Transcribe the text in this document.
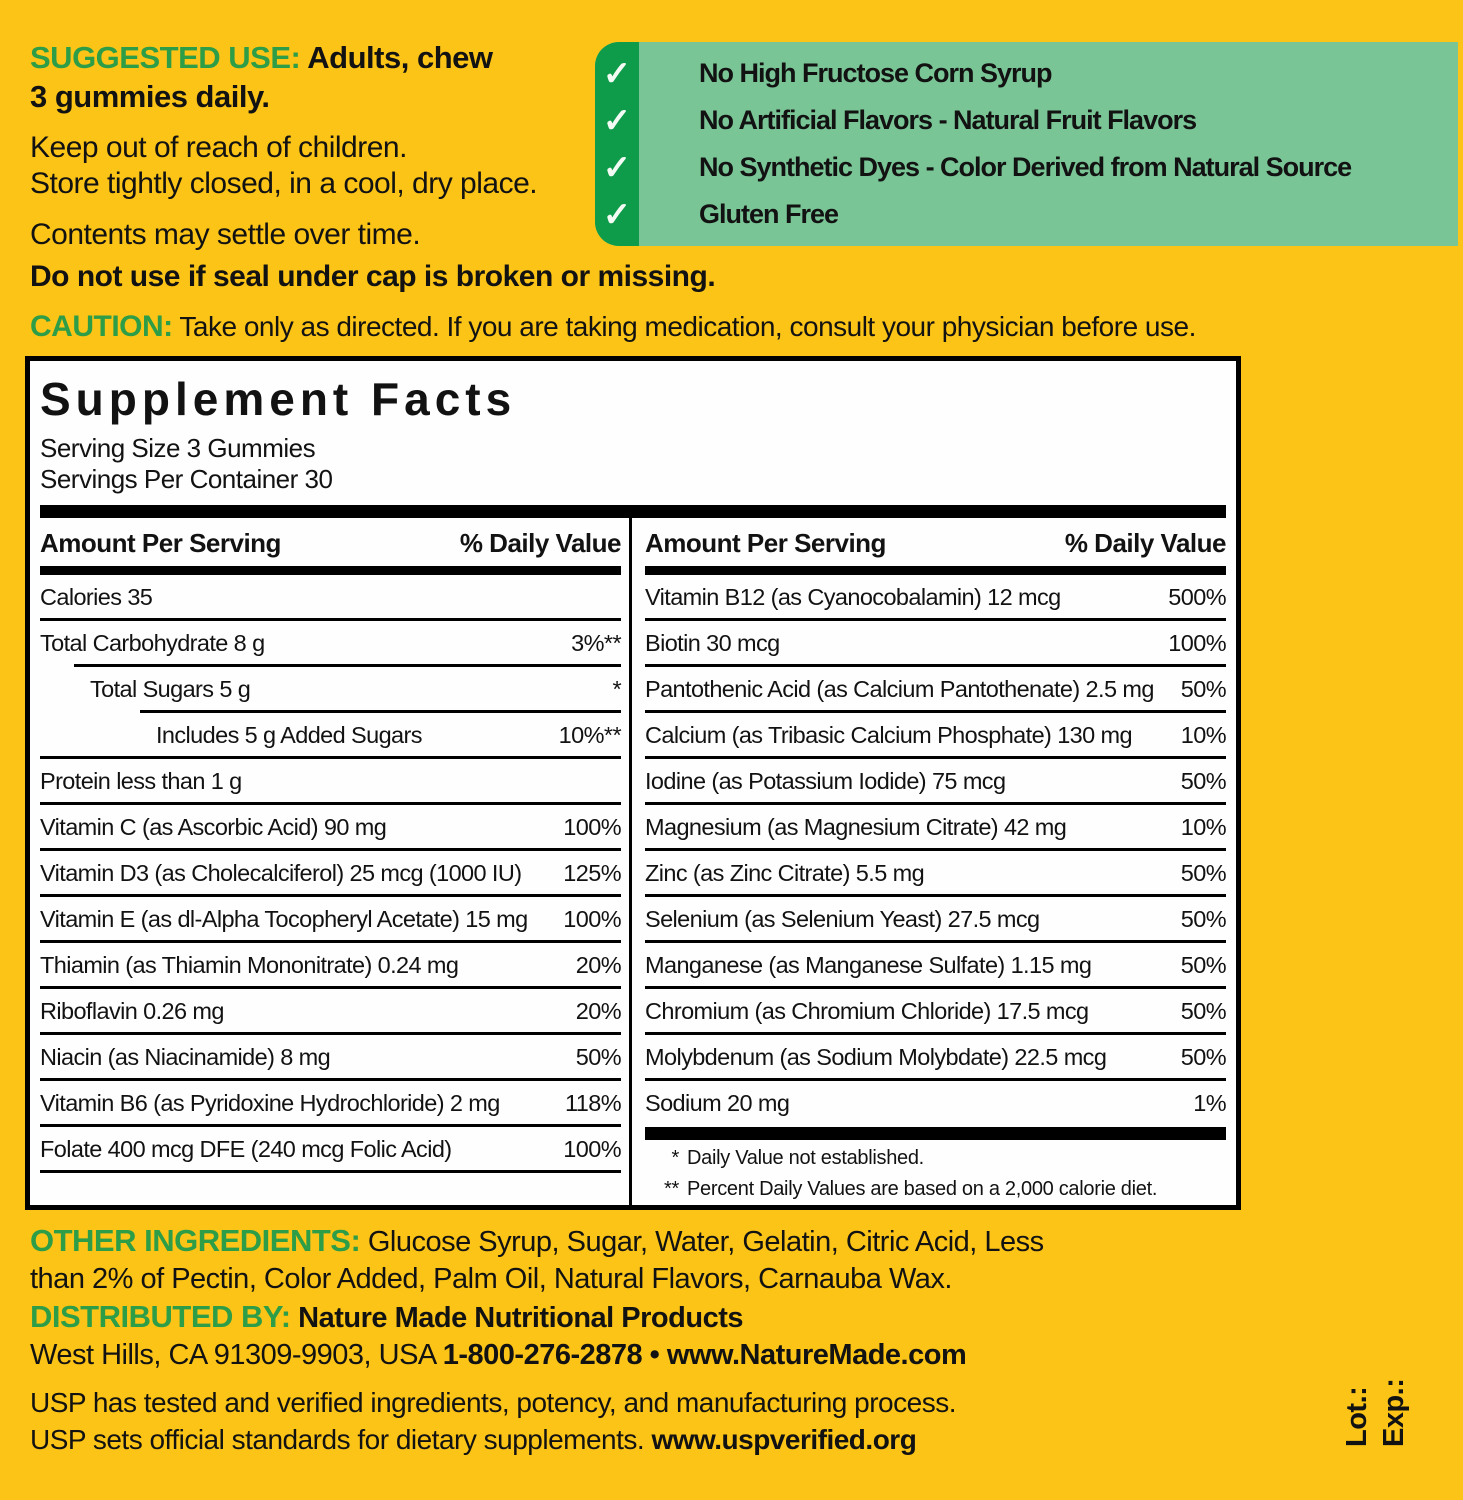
SUGGESTED USE: Adults, chew
3 gummies daily.
Keep out of reach of children.
Store tightly closed, in a cool, dry place.
Contents may settle over time.
✓	No High Fructose Corn Syrup
✓	No Artificial Flavors - Natural Fruit Flavors
✓	No Synthetic Dyes - Color Derived from Natural Source
✓	Gluten Free
Do not use if seal under cap is broken or missing.
CAUTION: Take only as directed. If you are taking medication, consult your physician before use.
Supplement Facts
Serving Size 3 Gummies
Servings Per Container 30
Amount Per Serving	% Daily Value
Calories 35
Total Carbohydrate 8 g	3%**
Total Sugars 5 g	*
Includes 5 g Added Sugars	10%**
Protein less than 1 g
Vitamin C (as Ascorbic Acid) 90 mg	100%
Vitamin D3 (as Cholecalciferol) 25 mcg (1000 IU)	125%
Vitamin E (as dl-Alpha Tocopheryl Acetate) 15 mg	100%
Thiamin (as Thiamin Mononitrate) 0.24 mg	20%
Riboflavin 0.26 mg	20%
Niacin (as Niacinamide) 8 mg	50%
Vitamin B6 (as Pyridoxine Hydrochloride) 2 mg	118%
Folate 400 mcg DFE (240 mcg Folic Acid)	100%
Amount Per Serving	% Daily Value
Vitamin B12 (as Cyanocobalamin) 12 mcg	500%
Biotin 30 mcg	100%
Pantothenic Acid (as Calcium Pantothenate) 2.5 mg	50%
Calcium (as Tribasic Calcium Phosphate) 130 mg	10%
Iodine (as Potassium Iodide) 75 mcg	50%
Magnesium (as Magnesium Citrate) 42 mg	10%
Zinc (as Zinc Citrate) 5.5 mg	50%
Selenium (as Selenium Yeast) 27.5 mcg	50%
Manganese (as Manganese Sulfate) 1.15 mg	50%
Chromium (as Chromium Chloride) 17.5 mcg	50%
Molybdenum (as Sodium Molybdate) 22.5 mcg	50%
Sodium 20 mg	1%
* Daily Value not established.
** Percent Daily Values are based on a 2,000 calorie diet.
OTHER INGREDIENTS: Glucose Syrup, Sugar, Water, Gelatin, Citric Acid, Less
than 2% of Pectin, Color Added, Palm Oil, Natural Flavors, Carnauba Wax.
DISTRIBUTED BY: Nature Made Nutritional Products
West Hills, CA 91309-9903, USA 1-800-276-2878 • www.NatureMade.com
USP has tested and verified ingredients, potency, and manufacturing process.
USP sets official standards for dietary supplements. www.uspverified.org	Lot.: Exp.:
